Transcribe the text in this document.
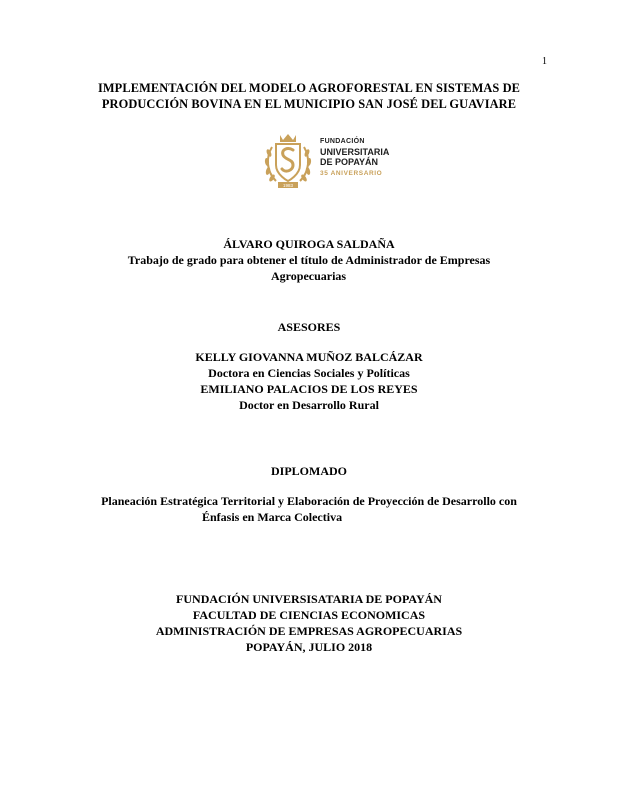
1
IMPLEMENTACIÓN DEL MODELO AGROFORESTAL EN SISTEMAS DE
PRODUCCIÓN BOVINA EN EL MUNICIPIO SAN JOSÉ DEL GUAVIARE
1983
FUNDACIÓN
UNIVERSITARIA
DE POPAYÁN
35 ANIVERSARIO
ÁLVARO QUIROGA SALDAÑA
Trabajo de grado para obtener el título de Administrador de Empresas
Agropecuarias
ASESORES
KELLY GIOVANNA MUÑOZ BALCÁZAR
Doctora en Ciencias Sociales y Políticas
EMILIANO PALACIOS DE LOS REYES
Doctor en Desarrollo Rural
DIPLOMADO
Planeación Estratégica Territorial y Elaboración de Proyección de Desarrollo con
Énfasis en Marca Colectiva
FUNDACIÓN UNIVERSISATARIA DE POPAYÁN
FACULTAD DE CIENCIAS ECONOMICAS
ADMINISTRACIÓN DE EMPRESAS AGROPECUARIAS
POPAYÁN, JULIO 2018
